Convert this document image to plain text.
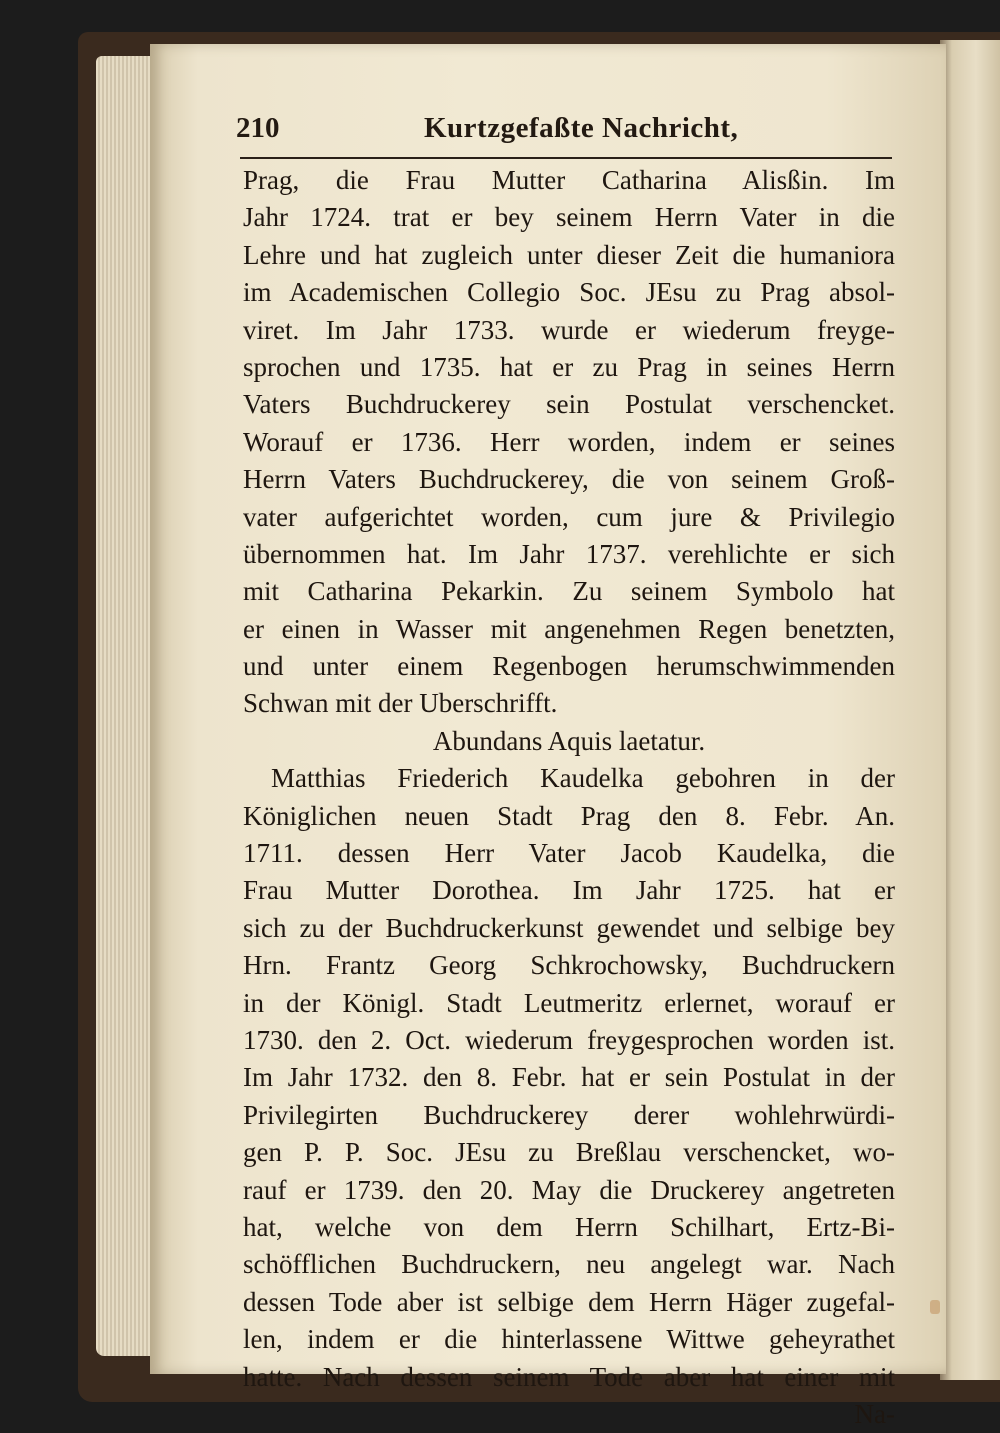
210	Kurtzgefaßte Nachricht,
Prag, die Frau Mutter Catharina Alisßin. Im
Jahr 1724. trat er bey seinem Herrn Vater in die
Lehre und hat zugleich unter dieser Zeit die humaniora
im Academischen Collegio Soc. JEsu zu Prag absol-
viret. Im Jahr 1733. wurde er wiederum freyge-
sprochen und 1735. hat er zu Prag in seines Herrn
Vaters Buchdruckerey sein Postulat verschencket.
Worauf er 1736. Herr worden, indem er seines
Herrn Vaters Buchdruckerey, die von seinem Groß-
vater aufgerichtet worden, cum jure & Privilegio
übernommen hat. Im Jahr 1737. verehlichte er sich
mit Catharina Pekarkin. Zu seinem Symbolo hat
er einen in Wasser mit angenehmen Regen benetzten,
und unter einem Regenbogen herumschwimmenden
Schwan mit der Uberschrifft.
Abundans Aquis laetatur.
Matthias Friederich Kaudelka gebohren in der
Königlichen neuen Stadt Prag den 8. Febr. An.
1711. dessen Herr Vater Jacob Kaudelka, die
Frau Mutter Dorothea. Im Jahr 1725. hat er
sich zu der Buchdruckerkunst gewendet und selbige bey
Hrn. Frantz Georg Schkrochowsky, Buchdruckern
in der Königl. Stadt Leutmeritz erlernet, worauf er
1730. den 2. Oct. wiederum freygesprochen worden ist.
Im Jahr 1732. den 8. Febr. hat er sein Postulat in der
Privilegirten Buchdruckerey derer wohlehrwürdi-
gen P. P. Soc. JEsu zu Breßlau verschencket, wo-
rauf er 1739. den 20. May die Druckerey angetreten
hat, welche von dem Herrn Schilhart, Ertz-Bi-
schöfflichen Buchdruckern, neu angelegt war. Nach
dessen Tode aber ist selbige dem Herrn Häger zugefal-
len, indem er die hinterlassene Wittwe geheyrathet
hatte. Nach dessen seinem Tode aber hat einer mit
Na-
